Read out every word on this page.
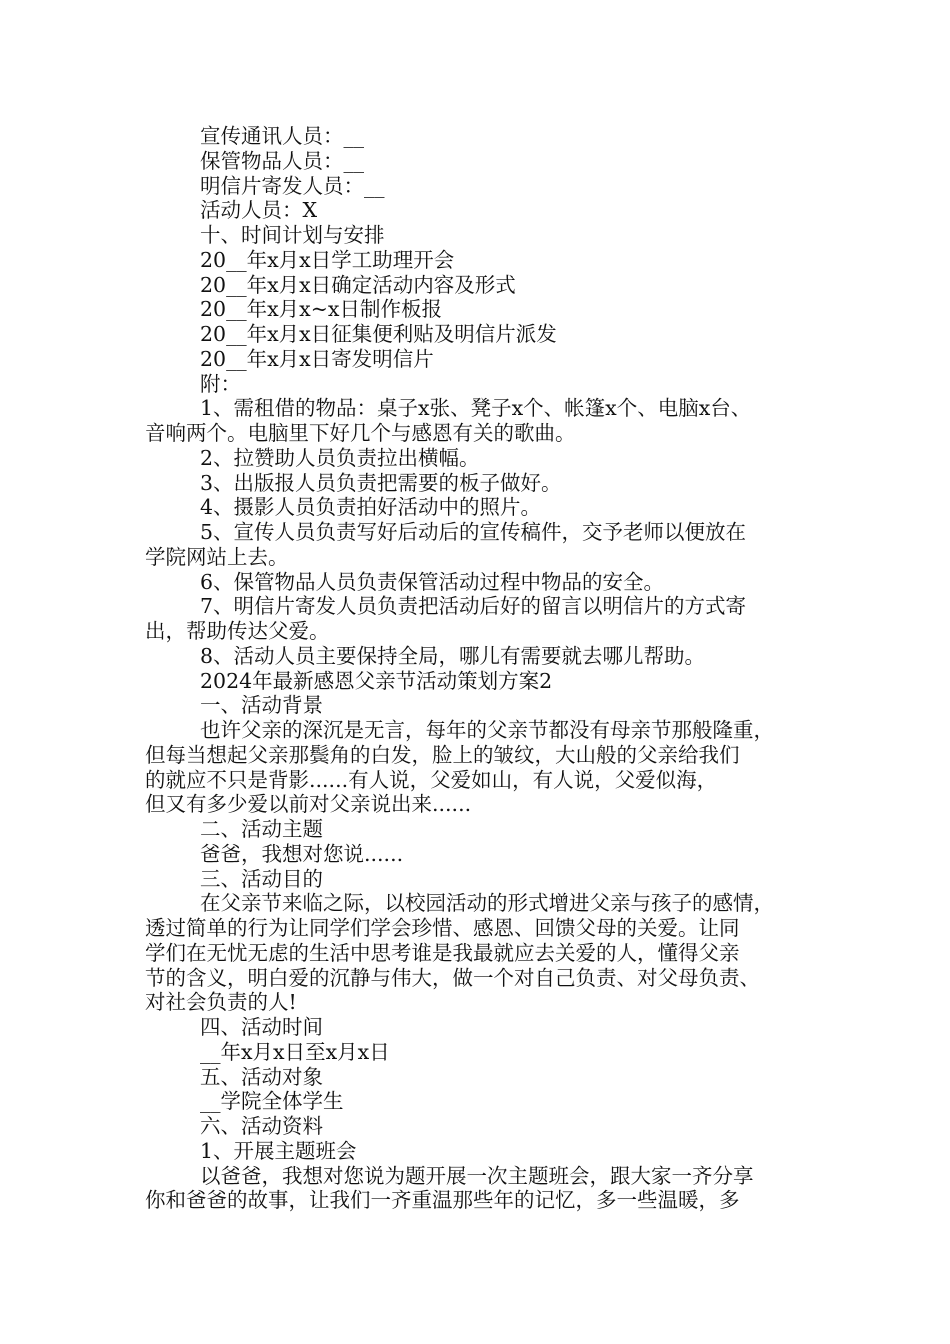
宣传通讯人员：__
保管物品人员：__
明信片寄发人员：__
活动人员：X
十、时间计划与安排
20__年x月x日学工助理开会
20__年x月x日确定活动内容及形式
20__年x月x~x日制作板报
20__年x月x日征集便利贴及明信片派发
20__年x月x日寄发明信片
附：
1、需租借的物品：桌子x张、凳子x个、帐篷x个、电脑x台、
音响两个。电脑里下好几个与感恩有关的歌曲。
2、拉赞助人员负责拉出横幅。
3、出版报人员负责把需要的板子做好。
4、摄影人员负责拍好活动中的照片。
5、宣传人员负责写好后动后的宣传稿件，交予老师以便放在
学院网站上去。
6、保管物品人员负责保管活动过程中物品的安全。
7、明信片寄发人员负责把活动后好的留言以明信片的方式寄
出，帮助传达父爱。
8、活动人员主要保持全局，哪儿有需要就去哪儿帮助。
2024年最新感恩父亲节活动策划方案2
一、活动背景
也许父亲的深沉是无言，每年的父亲节都没有母亲节那般隆重，
但每当想起父亲那鬓角的白发，脸上的皱纹，大山般的父亲给我们
的就应不只是背影......有人说，父爱如山，有人说，父爱似海，
但又有多少爱以前对父亲说出来......
二、活动主题
爸爸，我想对您说......
三、活动目的
在父亲节来临之际，以校园活动的形式增进父亲与孩子的感情，
透过简单的行为让同学们学会珍惜、感恩、回馈父母的关爱。让同
学们在无忧无虑的生活中思考谁是我最就应去关爱的人，懂得父亲
节的含义，明白爱的沉静与伟大，做一个对自己负责、对父母负责、
对社会负责的人!
四、活动时间
__年x月x日至x月x日
五、活动对象
__学院全体学生
六、活动资料
1、开展主题班会
以爸爸，我想对您说为题开展一次主题班会，跟大家一齐分享
你和爸爸的故事，让我们一齐重温那些年的记忆，多一些温暖，多
